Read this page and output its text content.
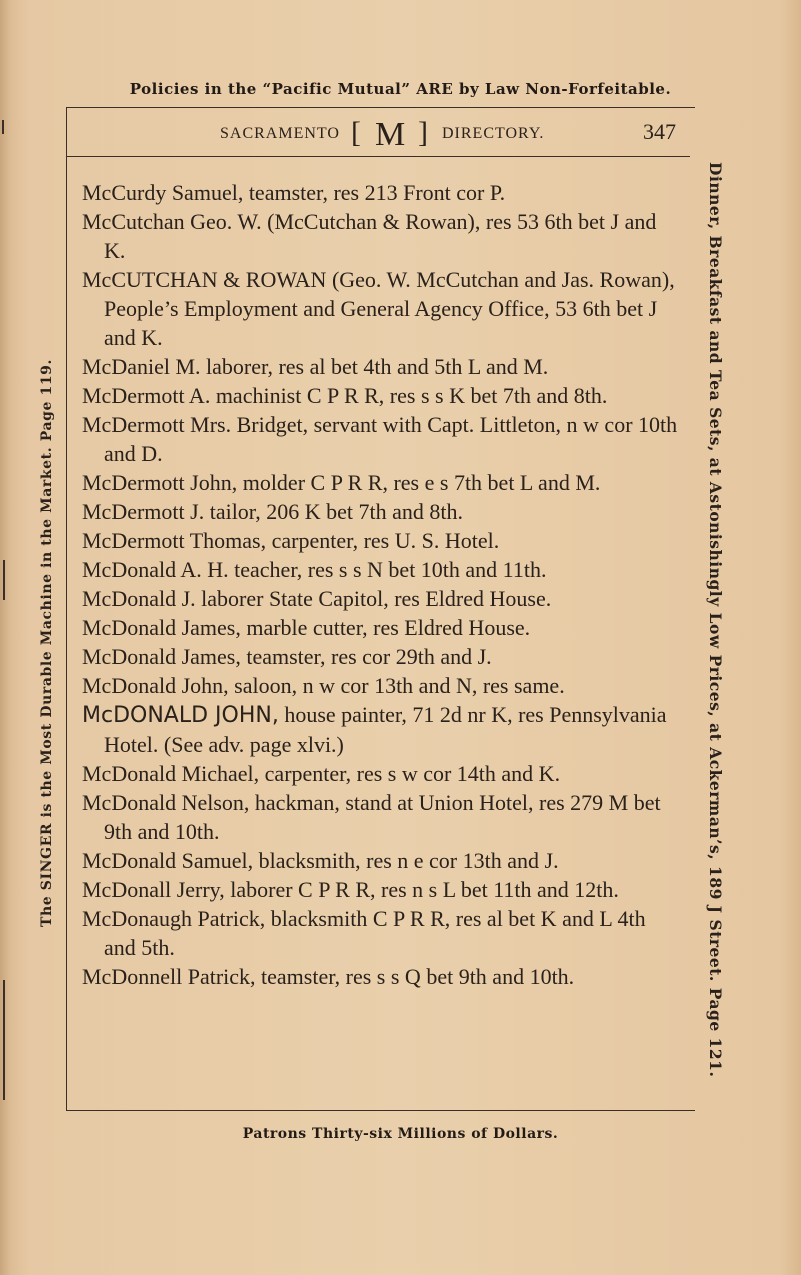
Policies in the “Pacific Mutual” ARE by Law Non-Forfeitable.
SACRAMENTO [ M ] DIRECTORY.	347
McCurdy Samuel, teamster, res 213 Front cor P.
McCutchan Geo. W. (McCutchan & Rowan), res 53 6th bet J and K.
McCUTCHAN & ROWAN (Geo. W. McCutchan and Jas. Rowan), People’s Employment and General Agency Office, 53 6th bet J and K.
McDaniel M. laborer, res al bet 4th and 5th L and M.
McDermott A. machinist C P R R, res s s K bet 7th and 8th.
McDermott Mrs. Bridget, servant with Capt. Littleton, n w cor 10th and D.
McDermott John, molder C P R R, res e s 7th bet L and M.
McDermott J. tailor, 206 K bet 7th and 8th.
McDermott Thomas, carpenter, res U. S. Hotel.
McDonald A. H. teacher, res s s N bet 10th and 11th.
McDonald J. laborer State Capitol, res Eldred House.
McDonald James, marble cutter, res Eldred House.
McDonald James, teamster, res cor 29th and J.
McDonald John, saloon, n w cor 13th and N, res same.
McDONALD JOHN, house painter, 71 2d nr K, res Pennsylvania Hotel. (See adv. page xlvi.)
McDonald Michael, carpenter, res s w cor 14th and K.
McDonald Nelson, hackman, stand at Union Hotel, res 279 M bet 9th and 10th.
McDonald Samuel, blacksmith, res n e cor 13th and J.
McDonall Jerry, laborer C P R R, res n s L bet 11th and 12th.
McDonaugh Patrick, blacksmith C P R R, res al bet K and L 4th and 5th.
McDonnell Patrick, teamster, res s s Q bet 9th and 10th.
The SINGER is the Most Durable Machine in the Market. Page 119.	Dinner, Breakfast and Tea Sets, at Astonishingly Low Prices, at Ackerman’s, 189 J Street. Page 121.
Patrons Thirty-six Millions of Dollars.
